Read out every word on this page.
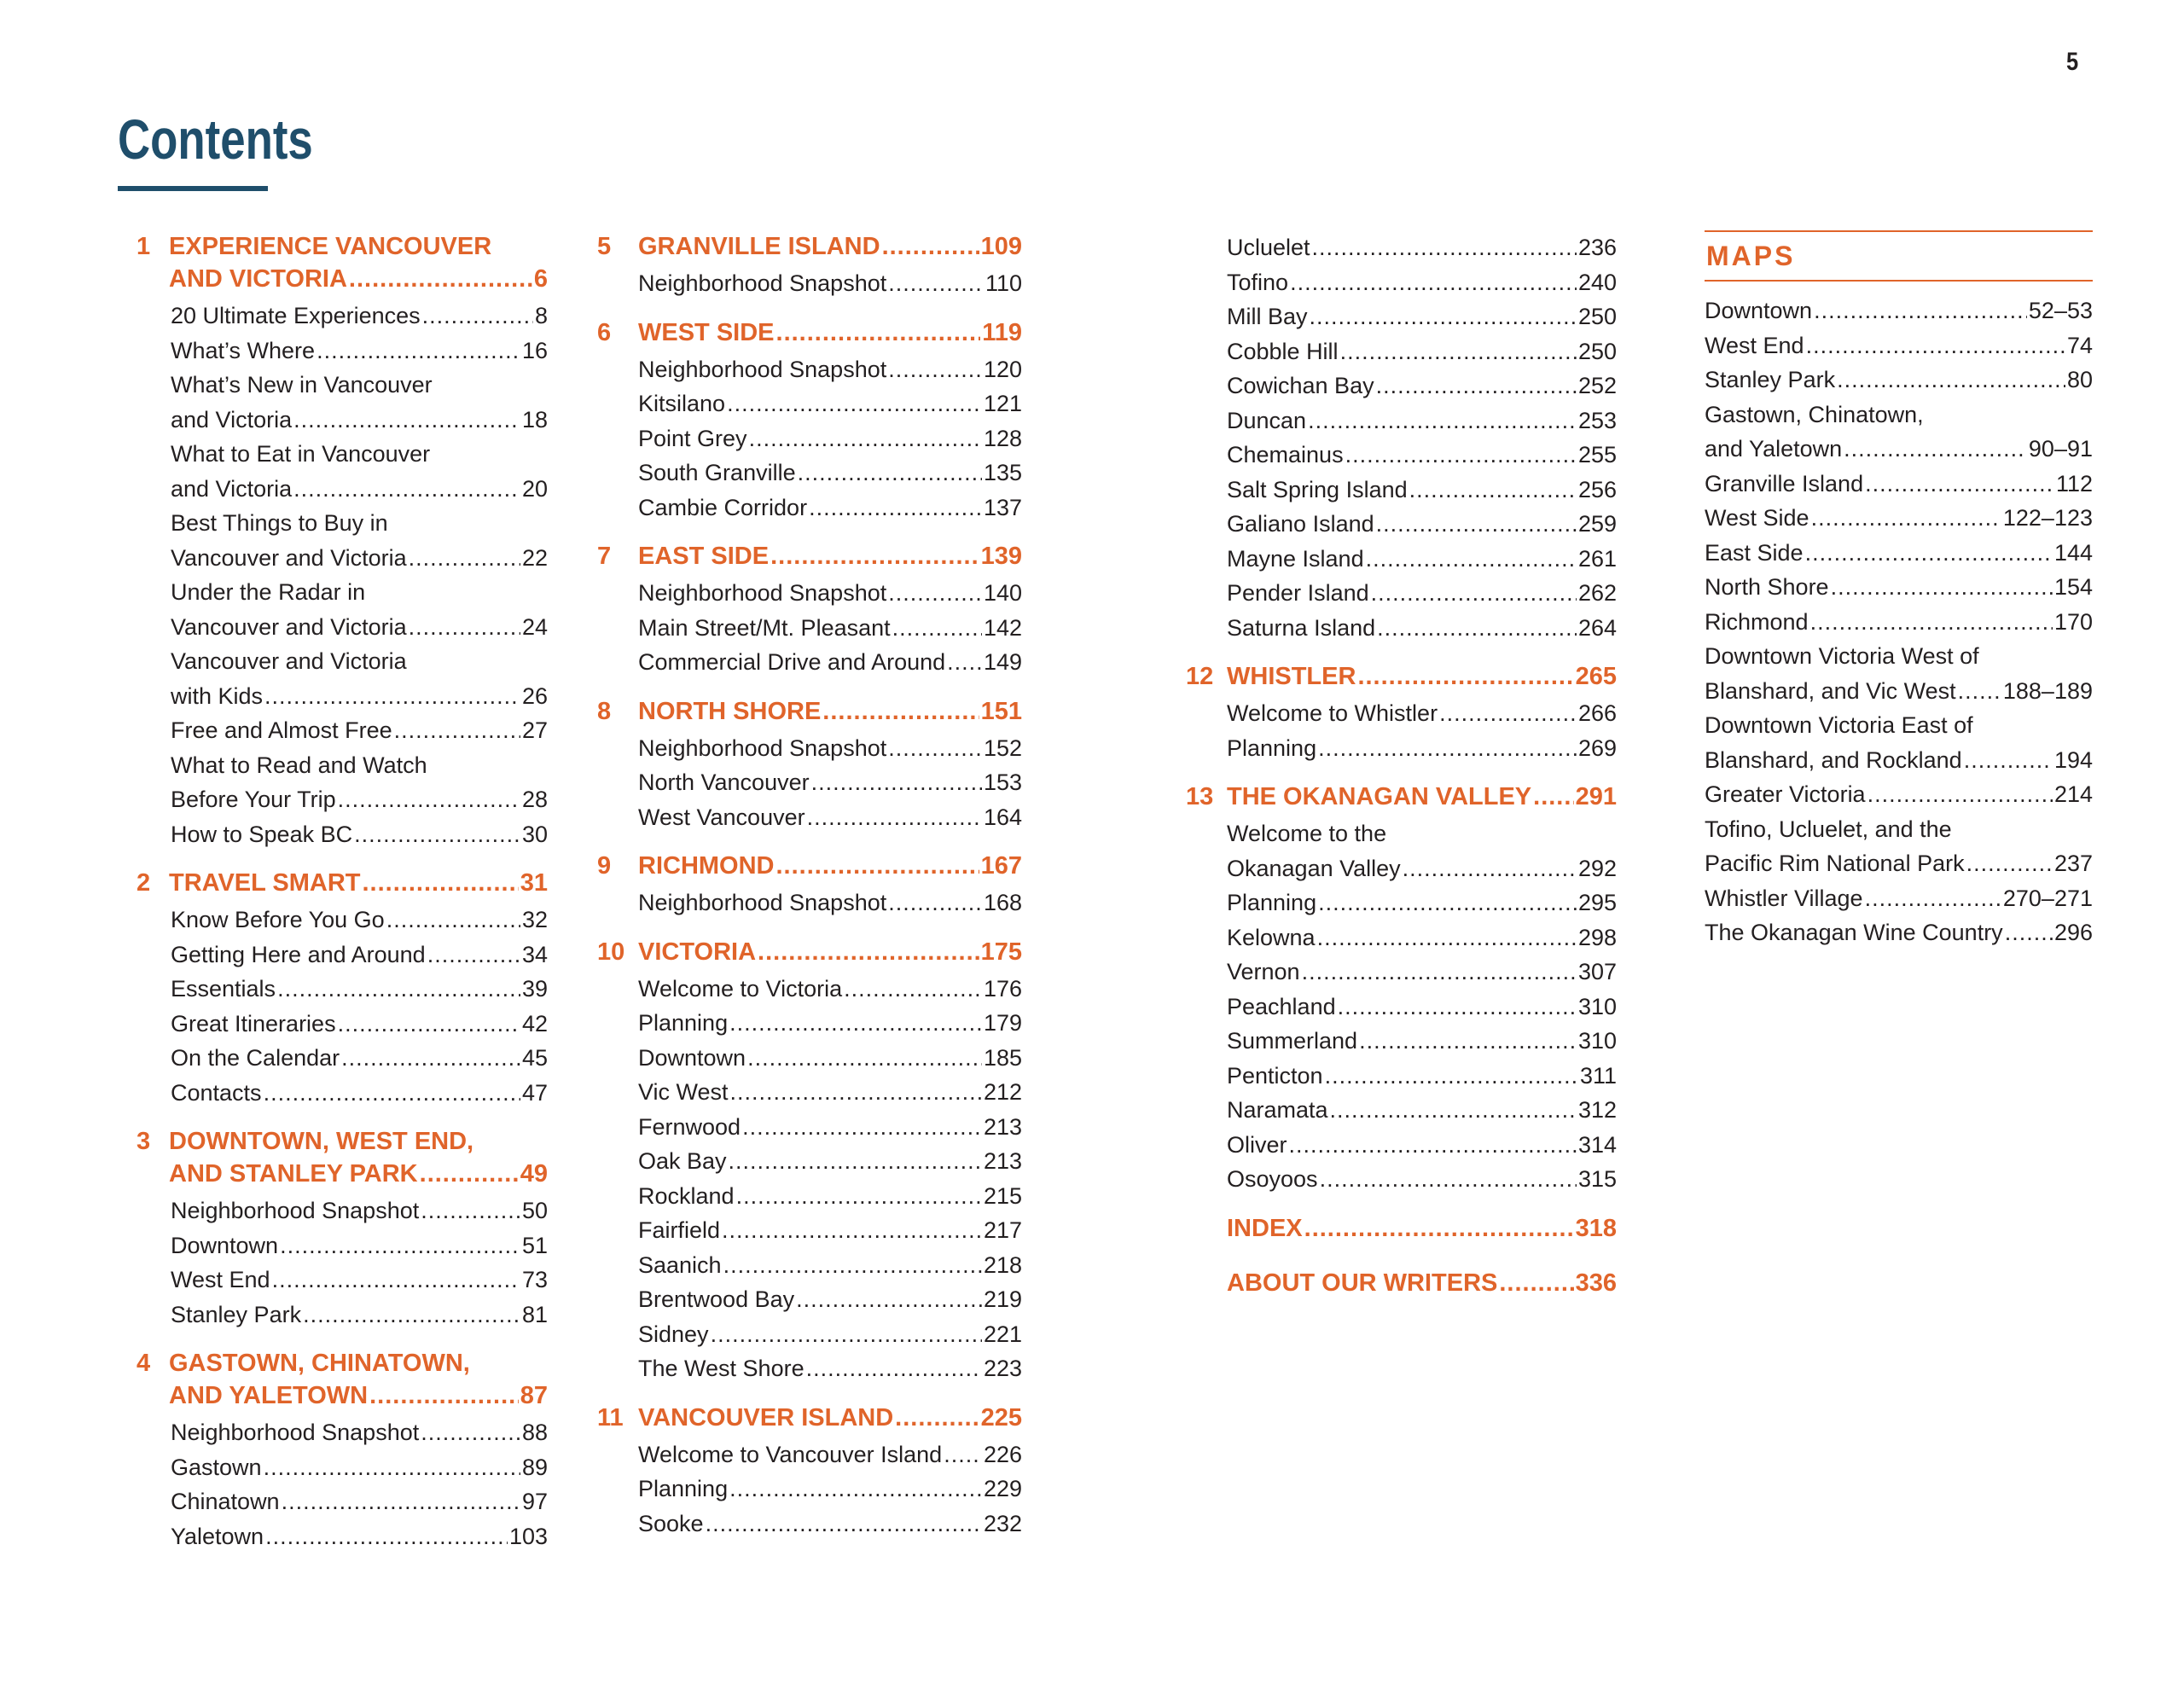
5
Contents
1 EXPERIENCE VANCOUVER
AND VICTORIA .....	6
20 Ultimate Experiences .....	8
What’s Where .....	16
What’s New in Vancouver
and Victoria .....	18
What to Eat in Vancouver
and Victoria .....	20
Best Things to Buy in
Vancouver and Victoria .....	22
Under the Radar in
Vancouver and Victoria .....	24
Vancouver and Victoria
with Kids .....	26
Free and Almost Free .....	27
What to Read and Watch
Before Your Trip .....	28
How to Speak BC .....	30
2 TRAVEL SMART .....	31
Know Before You Go .....	32
Getting Here and Around .....	34
Essentials .....	39
Great Itineraries .....	42
On the Calendar .....	45
Contacts .....	47
3 DOWNTOWN, WEST END,
AND STANLEY PARK .....	49
Neighborhood Snapshot .....	50
Downtown .....	51
West End .....	73
Stanley Park .....	81
4 GASTOWN, CHINATOWN,
AND YALETOWN .....	87
Neighborhood Snapshot .....	88
Gastown .....	89
Chinatown .....	97
Yaletown .....	103
5	GRANVILLE ISLAND .....	109
Neighborhood Snapshot .....	110
6	WEST SIDE .....	119
Neighborhood Snapshot .....	120
Kitsilano .....	121
Point Grey .....	128
South Granville .....	135
Cambie Corridor .....	137
7	EAST SIDE .....	139
Neighborhood Snapshot .....	140
Main Street/Mt. Pleasant .....	142
Commercial Drive and Around ..... 149
8	NORTH SHORE .....	151
Neighborhood Snapshot .....	152
North Vancouver .....	153
West Vancouver .....	164
9	RICHMOND .....	167
Neighborhood Snapshot .....	168
10 VICTORIA .....	175
Welcome to Victoria .....	176
Planning .....	179
Downtown .....	185
Vic West .....	212
Fernwood .....	213
Oak Bay .....	213
Rockland .....	215
Fairfield .....	217
Saanich .....	218
Brentwood Bay .....	219
Sidney .....	221
The West Shore .....	223
11 VANCOUVER ISLAND .....	225
Welcome to Vancouver Island ..... 226
Planning .....	229
Sooke .....	232
Ucluelet .....	236
Tofino .....	240
Mill Bay .....	250
Cobble Hill .....	250
Cowichan Bay .....	252
Duncan .....	253
Chemainus .....	255
Salt Spring Island .....	256
Galiano Island .....	259
Mayne Island .....	261
Pender Island .....	262
Saturna Island .....	264
12 WHISTLER .....	265
Welcome to Whistler .....	266
Planning .....	269
13 THE OKANAGAN VALLEY ..... 291
Welcome to the
Okanagan Valley .....	292
Planning .....	295
Kelowna .....	298
Vernon .....	307
Peachland .....	310
Summerland .....	310
Penticton .....	311
Naramata .....	312
Oliver .....	314
Osoyoos .....	315
INDEX .....	318
ABOUT OUR WRITERS .....	336
MAPS
Downtown .....	52–53
West End .....	74
Stanley Park .....	80
Gastown, Chinatown,
and Yaletown .....	90–91
Granville Island .....	112
West Side .....	122–123
East Side .....	144
North Shore .....	154
Richmond .....	170
Downtown Victoria West of
Blanshard, and Vic West ..... 188–189
Downtown Victoria East of
Blanshard, and Rockland .....	194
Greater Victoria .....	214
Tofino, Ucluelet, and the
Pacific Rim National Park .....	237
Whistler Village .....	270–271
The Okanagan Wine Country ..... 296
